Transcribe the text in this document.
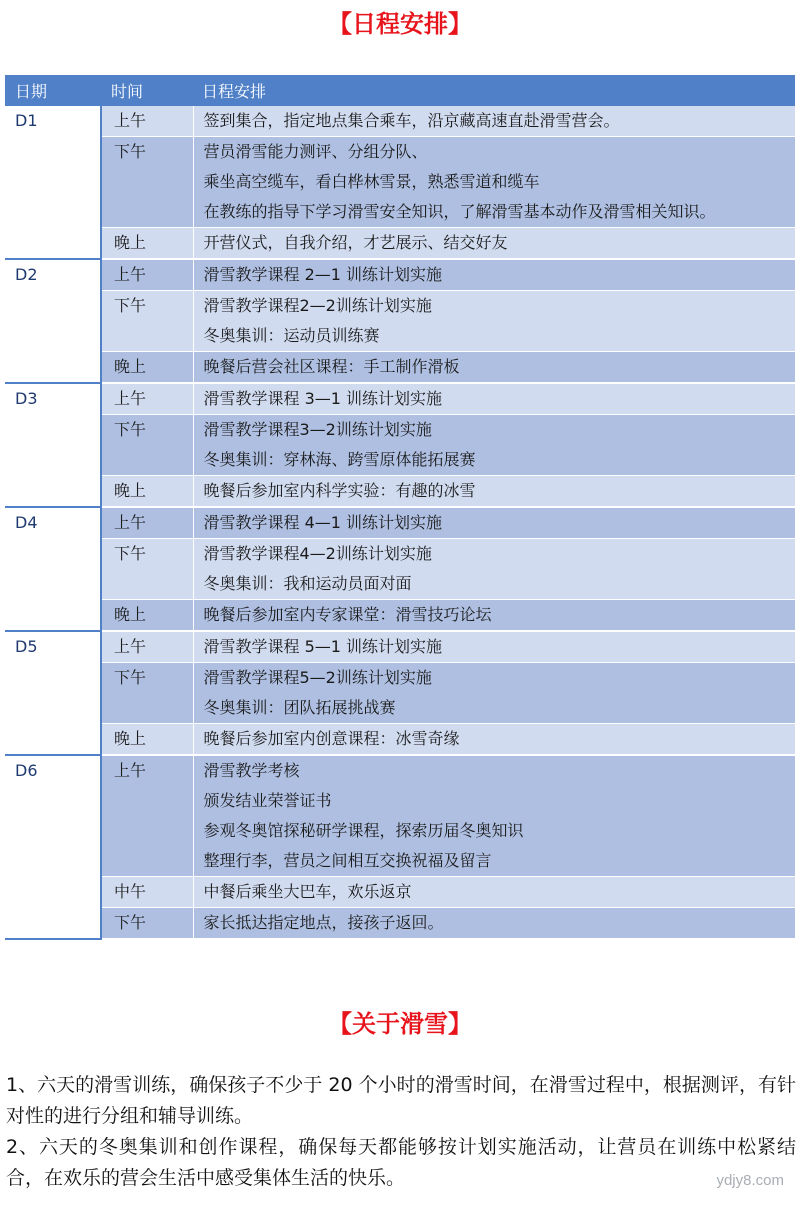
【日程安排】
日期	时间	日程安排
D1	上午	签到集合，指定地点集合乘车，沿京藏高速直赴滑雪营会。

	下午	营员滑雪能力测评、分组分队、
乘坐高空缆车，看白桦林雪景，熟悉雪道和缆车
在教练的指导下学习滑雪安全知识，了解滑雪基本动作及滑雪相关知识。

	晚上	开营仪式，自我介绍，才艺展示、结交好友

D2	上午	滑雪教学课程 2—1 训练计划实施

	下午	滑雪教学课程2—2训练计划实施
冬奥集训：运动员训练赛

	晚上	晚餐后营会社区课程：手工制作滑板

D3	上午	滑雪教学课程 3—1 训练计划实施

	下午	滑雪教学课程3—2训练计划实施
冬奥集训：穿林海、跨雪原体能拓展赛

	晚上	晚餐后参加室内科学实验：有趣的冰雪

D4	上午	滑雪教学课程 4—1 训练计划实施

	下午	滑雪教学课程4—2训练计划实施
冬奥集训：我和运动员面对面

	晚上	晚餐后参加室内专家课堂：滑雪技巧论坛

D5	上午	滑雪教学课程 5—1 训练计划实施

	下午	滑雪教学课程5—2训练计划实施
冬奥集训：团队拓展挑战赛

	晚上	晚餐后参加室内创意课程：冰雪奇缘

D6	上午	滑雪教学考核
颁发结业荣誉证书
参观冬奥馆探秘研学课程，探索历届冬奥知识
整理行李，营员之间相互交换祝福及留言

	中午	中餐后乘坐大巴车，欢乐返京

	下午	家长抵达指定地点，接孩子返回。
【关于滑雪】

1、六天的滑雪训练，确保孩子不少于 20 个小时的滑雪时间，在滑雪过程中，根据测评，有针对性的进行分组和辅导训练。

2、六天的冬奥集训和创作课程，确保每天都能够按计划实施活动，让营员在训练中松紧结合，在欢乐的营会生活中感受集体生活的快乐。	ydjy8.com
